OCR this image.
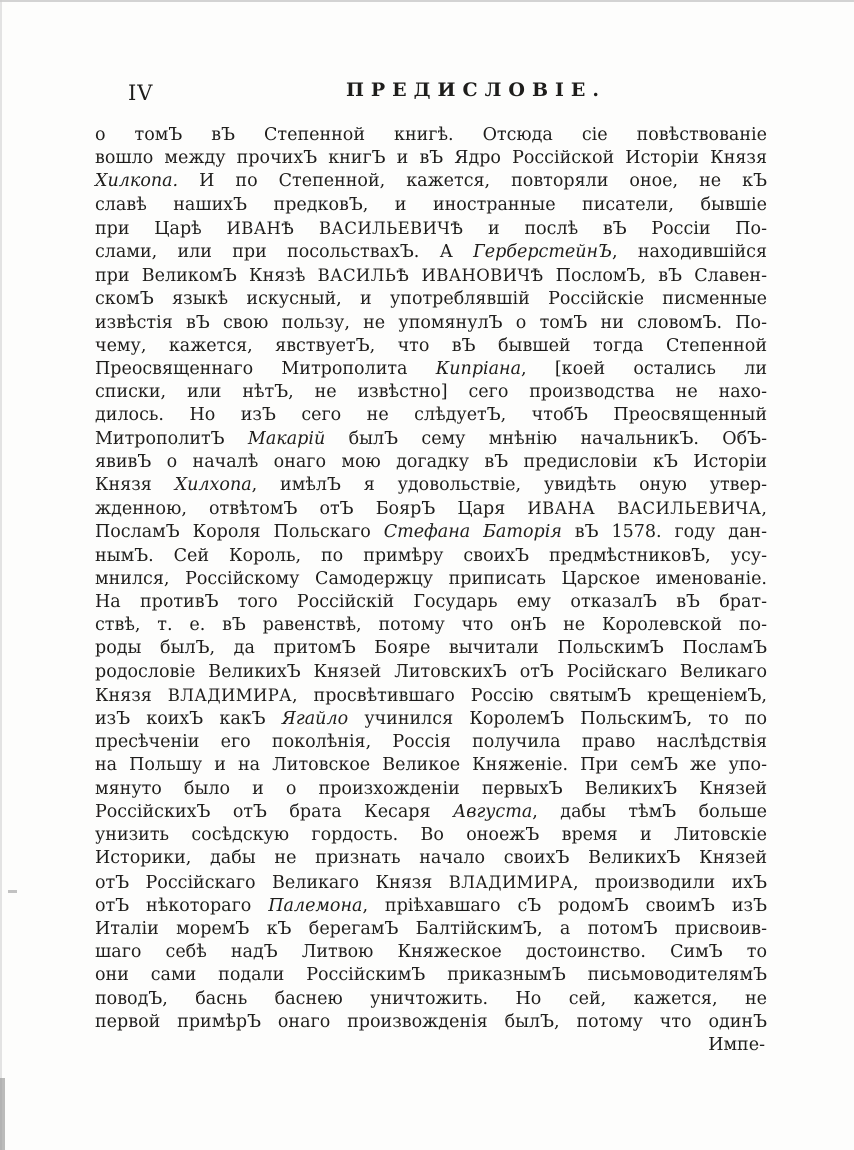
IV	ПРЕДИСЛОВІЕ.
о томЪ вЪ Степенной книгѣ. Отсюда сіе повѣствованіе
вошло между прочихЪ книгЪ и вЪ Ядро Россійской Исторіи Князя
Хилкопа. И по Степенной, кажется, повторяли оное, не кЪ
славѣ нашихЪ предковЪ, и иностранные писатели, бывшіе
при Царѣ ИВАНѢ ВАСИЛЬЕВИЧѢ и послѣ вЪ Россіи По-
слами, или при посольствахЪ. А ГерберстейнЪ, находившійся
при ВеликомЪ Князѣ ВАСИЛЬѢ ИВАНОВИЧѢ ПосломЪ, вЪ Славен-
скомЪ языкѣ искусный, и употреблявшій Россійскіе писменные
извѣстія вЪ свою пользу, не упомянулЪ о томЪ ни словомЪ. По-
чему, кажется, явствуетЪ, что вЪ бывшей тогда Степенной
Преосвященнаго Митрополита Кипріана, [коей остались ли
списки, или нѣтЪ, не извѣстно] сего производства не нахо-
дилось. Но изЪ сего не слѣдуетЪ, чтобЪ Преосвященный
МитрополитЪ Макарій былЪ сему мнѣнію начальникЪ. ОбЪ-
явивЪ о началѣ онаго мою догадку вЪ предисловіи кЪ Исторіи
Князя Хилхопа, имѣлЪ я удовольствіе, увидѣть оную утвер-
жденною, отвѣтомЪ отЪ БоярЪ Царя ИВАНА ВАСИЛЬЕВИЧА,
ПосламЪ Короля Польскаго Стефана Баторія вЪ 1578. году дан-
нымЪ. Сей Король, по примѣру своихЪ предмѣстниковЪ, усу-
мнился, Россійскому Самодержцу приписать Царское именованіе.
На противЪ того Россійскій Государь ему отказалЪ вЪ брат-
ствѣ, т. е. вЪ равенствѣ, потому что онЪ не Королевской по-
роды былЪ, да притомЪ Бояре вычитали ПольскимЪ ПосламЪ
родословіе ВеликихЪ Князей ЛитовскихЪ отЪ Російскаго Великаго
Князя ВЛАДИМИРА, просвѣтившаго Россію святымЪ крещеніемЪ,
изЪ коихЪ какЪ Ягайло учинился КоролемЪ ПольскимЪ, то по
пресѣченіи его поколѣнія, Россія получила право наслѣдствія
на Польшу и на Литовское Великое Княженіе. При семЪ же упо-
мянуто было и о произхожденіи первыхЪ ВеликихЪ Князей
РоссійскихЪ отЪ брата Кесаря Августа, дабы тѣмЪ больше
унизить сосѣдскую гордость. Во оноежЪ время и Литовскіе
Историки, дабы не признать начало своихЪ ВеликихЪ Князей
отЪ Россійскаго Великаго Князя ВЛАДИМИРА, производили ихЪ
отЪ нѣкотораго Палемона, пріѣхавшаго сЪ родомЪ своимЪ изЪ
Италіи моремЪ кЪ берегамЪ БалтійскимЪ, а потомЪ присвоив-
шаго себѣ надЪ Литвою Княжеское достоинство. СимЪ то
они сами подали РоссійскимЪ приказнымЪ письмоводителямЪ
поводЪ, баснь баснею уничтожить. Но сей, кажется, не
первой примѣрЪ онаго произвожденія былЪ, потому что одинЪ
Импе-
